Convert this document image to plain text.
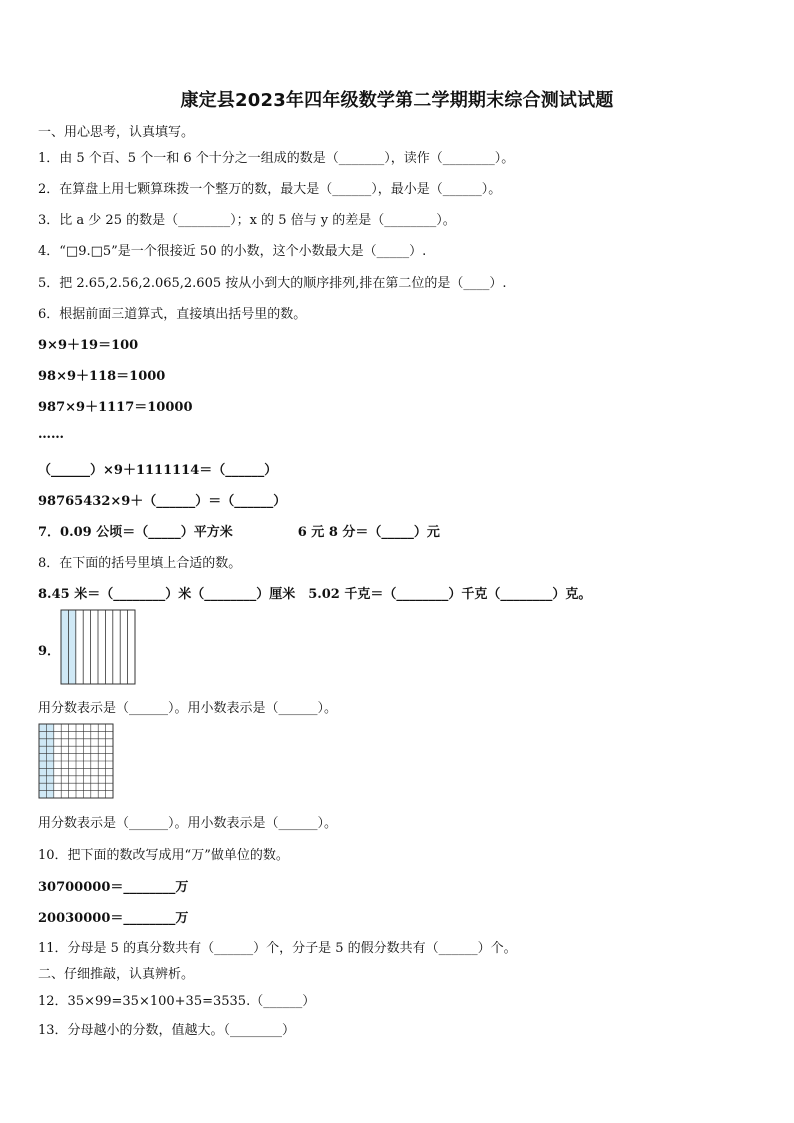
康定县2023年四年级数学第二学期期末综合测试试题
一、用心思考，认真填写。
1．由 5 个百、5 个一和 6 个十分之一组成的数是（_______），读作（________）。
2．在算盘上用七颗算珠拨一个整万的数，最大是（______），最小是（______）。
3．比 a 少 25 的数是（________）；x 的 5 倍与 y 的差是（________）。
4．“□9.□5”是一个很接近 50 的小数，这个小数最大是（_____）.
5．把 2.65,2.56,2.065,2.605 按从小到大的顺序排列,排在第二位的是（____）.
6．根据前面三道算式，直接填出括号里的数。
9×9＋19＝100
98×9＋118＝1000
987×9＋1117＝10000
……
（______）×9＋1111114＝（______）
98765432×9＋（______）＝（______）
7．0.09 公顷＝（_____）平方米　　　　　6 元 8 分＝（_____）元
8．在下面的括号里填上合适的数。
8.45 米＝（________）米（________）厘米　5.02 千克＝（________）千克（________）克。
9．
用分数表示是（______）。用小数表示是（______）。
用分数表示是（______）。用小数表示是（______）。
10．把下面的数改写成用“万”做单位的数。
30700000＝________万
20030000＝________万
11．分母是 5 的真分数共有（______）个，分子是 5 的假分数共有（______）个。
二、仔细推敲，认真辨析。
12．35×99=35×100+35=3535.（______）
13．分母越小的分数，值越大。（________）
